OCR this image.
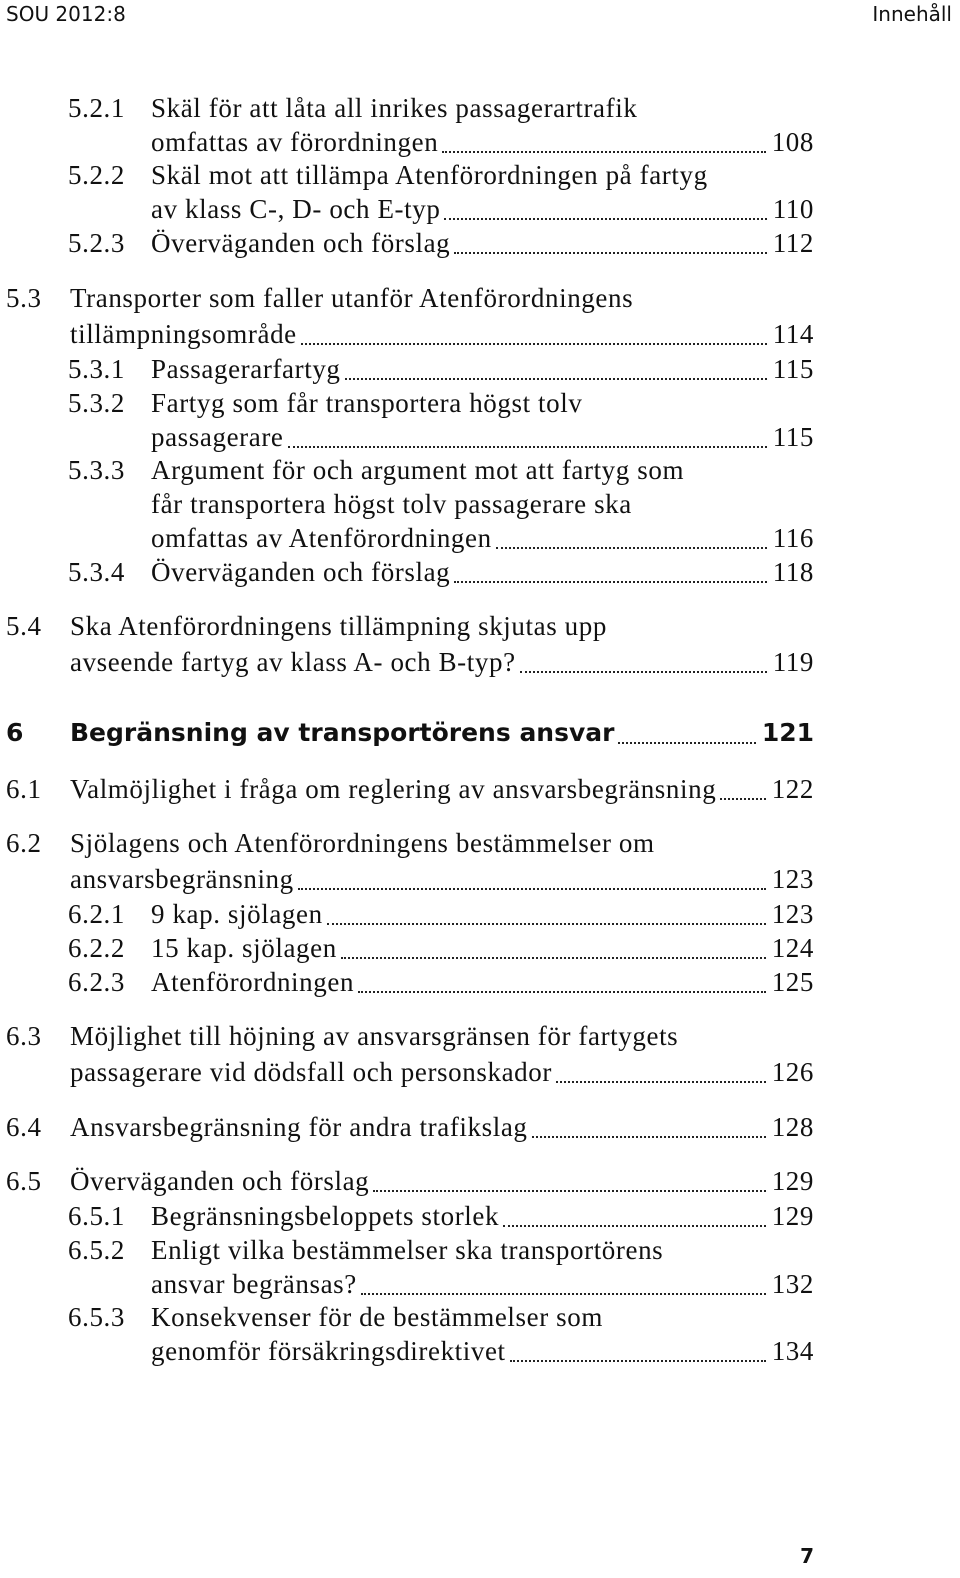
SOU 2012:8	Innehåll
5.2.1 Skäl för att låta all inrikes passagerartrafik
omfattas av förordningen	108
5.2.2 Skäl mot att tillämpa Atenförordningen på fartyg
av klass C-, D- och E-typ	110
5.2.3 Överväganden och förslag	112
5.3 Transporter som faller utanför Atenförordningens
tillämpningsområde	114
5.3.1 Passagerarfartyg	115
5.3.2 Fartyg som får transportera högst tolv
passagerare	115
5.3.3 Argument för och argument mot att fartyg som
får transportera högst tolv passagerare ska
omfattas av Atenförordningen	116
5.3.4 Överväganden och förslag	118
5.4 Ska Atenförordningens tillämpning skjutas upp
avseende fartyg av klass A- och B-typ?	119
6 Begränsning av transportörens ansvar	121
6.1 Valmöjlighet i fråga om reglering av ansvarsbegränsning 122
6.2 Sjölagens och Atenförordningens bestämmelser om
ansvarsbegränsning	123
6.2.1 9 kap. sjölagen	123
6.2.2 15 kap. sjölagen	124
6.2.3 Atenförordningen	125
6.3 Möjlighet till höjning av ansvarsgränsen för fartygets
passagerare vid dödsfall och personskador	126
6.4 Ansvarsbegränsning för andra trafikslag	128
6.5 Överväganden och förslag	129
6.5.1 Begränsningsbeloppets storlek	129
6.5.2 Enligt vilka bestämmelser ska transportörens
ansvar begränsas?	132
6.5.3 Konsekvenser för de bestämmelser som
genomför försäkringsdirektivet	134
7
